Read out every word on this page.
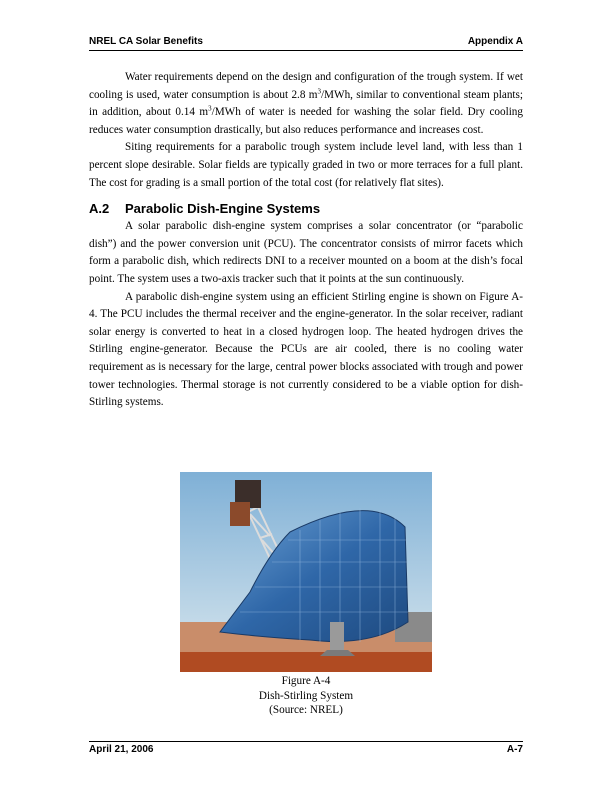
NREL CA Solar Benefits	Appendix A

Water requirements depend on the design and configuration of the trough system. If wet cooling is used, water consumption is about 2.8 $m^3$/MWh, similar to conventional steam plants; in addition, about 0.14 $m^3$/MWh of water is needed for washing the solar field. Dry cooling reduces water consumption drastically, but also reduces performance and increases cost.

Siting requirements for a parabolic trough system include level land, with less than 1 percent slope desirable. Solar fields are typically graded in two or more terraces for a full plant. The cost for grading is a small portion of the total cost (for relatively flat sites).

A.2 Parabolic Dish-Engine Systems

A solar parabolic dish-engine system comprises a solar concentrator (or “parabolic dish”) and the power conversion unit (PCU). The concentrator consists of mirror facets which form a parabolic dish, which redirects DNI to a receiver mounted on a boom at the dish’s focal point. The system uses a two-axis tracker such that it points at the sun continuously.

A parabolic dish-engine system using an efficient Stirling engine is shown on Figure A-4. The PCU includes the thermal receiver and the engine-generator. In the solar receiver, radiant solar energy is converted to heat in a closed hydrogen loop. The heated hydrogen drives the Stirling engine-generator. Because the PCUs are air cooled, there is no cooling water requirement as is necessary for the large, central power blocks associated with trough and power tower technologies. Thermal storage is not currently considered to be a viable option for dish-Stirling systems.

Figure A-4
Dish-Stirling System
(Source: NREL)
April 21, 2006	A-7
